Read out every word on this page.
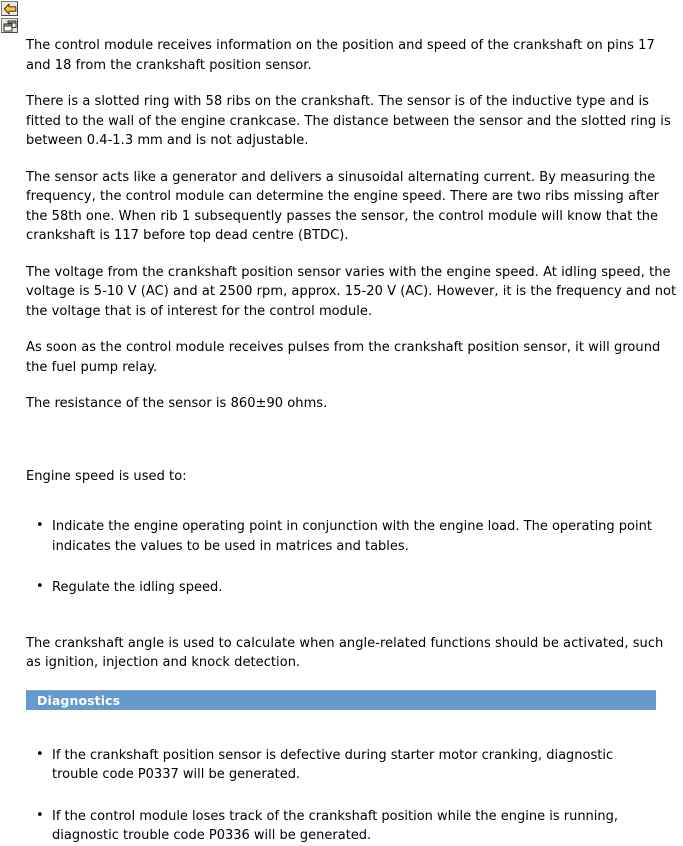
The control module receives information on the position and speed of the crankshaft on pins 17 and 18 from the crankshaft position sensor.

There is a slotted ring with 58 ribs on the crankshaft. The sensor is of the inductive type and is fitted to the wall of the engine crankcase. The distance between the sensor and the slotted ring is between 0.4-1.3 mm and is not adjustable.

The sensor acts like a generator and delivers a sinusoidal alternating current. By measuring the frequency, the control module can determine the engine speed. There are two ribs missing after the 58th one. When rib 1 subsequently passes the sensor, the control module will know that the crankshaft is 117 before top dead centre (BTDC).

The voltage from the crankshaft position sensor varies with the engine speed. At idling speed, the voltage is 5-10 V (AC) and at 2500 rpm, approx. 15-20 V (AC). However, it is the frequency and not the voltage that is of interest for the control module.

As soon as the control module receives pulses from the crankshaft position sensor, it will ground the fuel pump relay.

The resistance of the sensor is 860±90 ohms.

Engine speed is used to:

• Indicate the engine operating point in conjunction with the engine load. The operating point indicates the values to be used in matrices and tables.
• Regulate the idling speed.

The crankshaft angle is used to calculate when angle-related functions should be activated, such as ignition, injection and knock detection.

Diagnostics
• If the crankshaft position sensor is defective during starter motor cranking, diagnostic trouble code P0337 will be generated.
• If the control module loses track of the crankshaft position while the engine is running, diagnostic trouble code P0336 will be generated.
